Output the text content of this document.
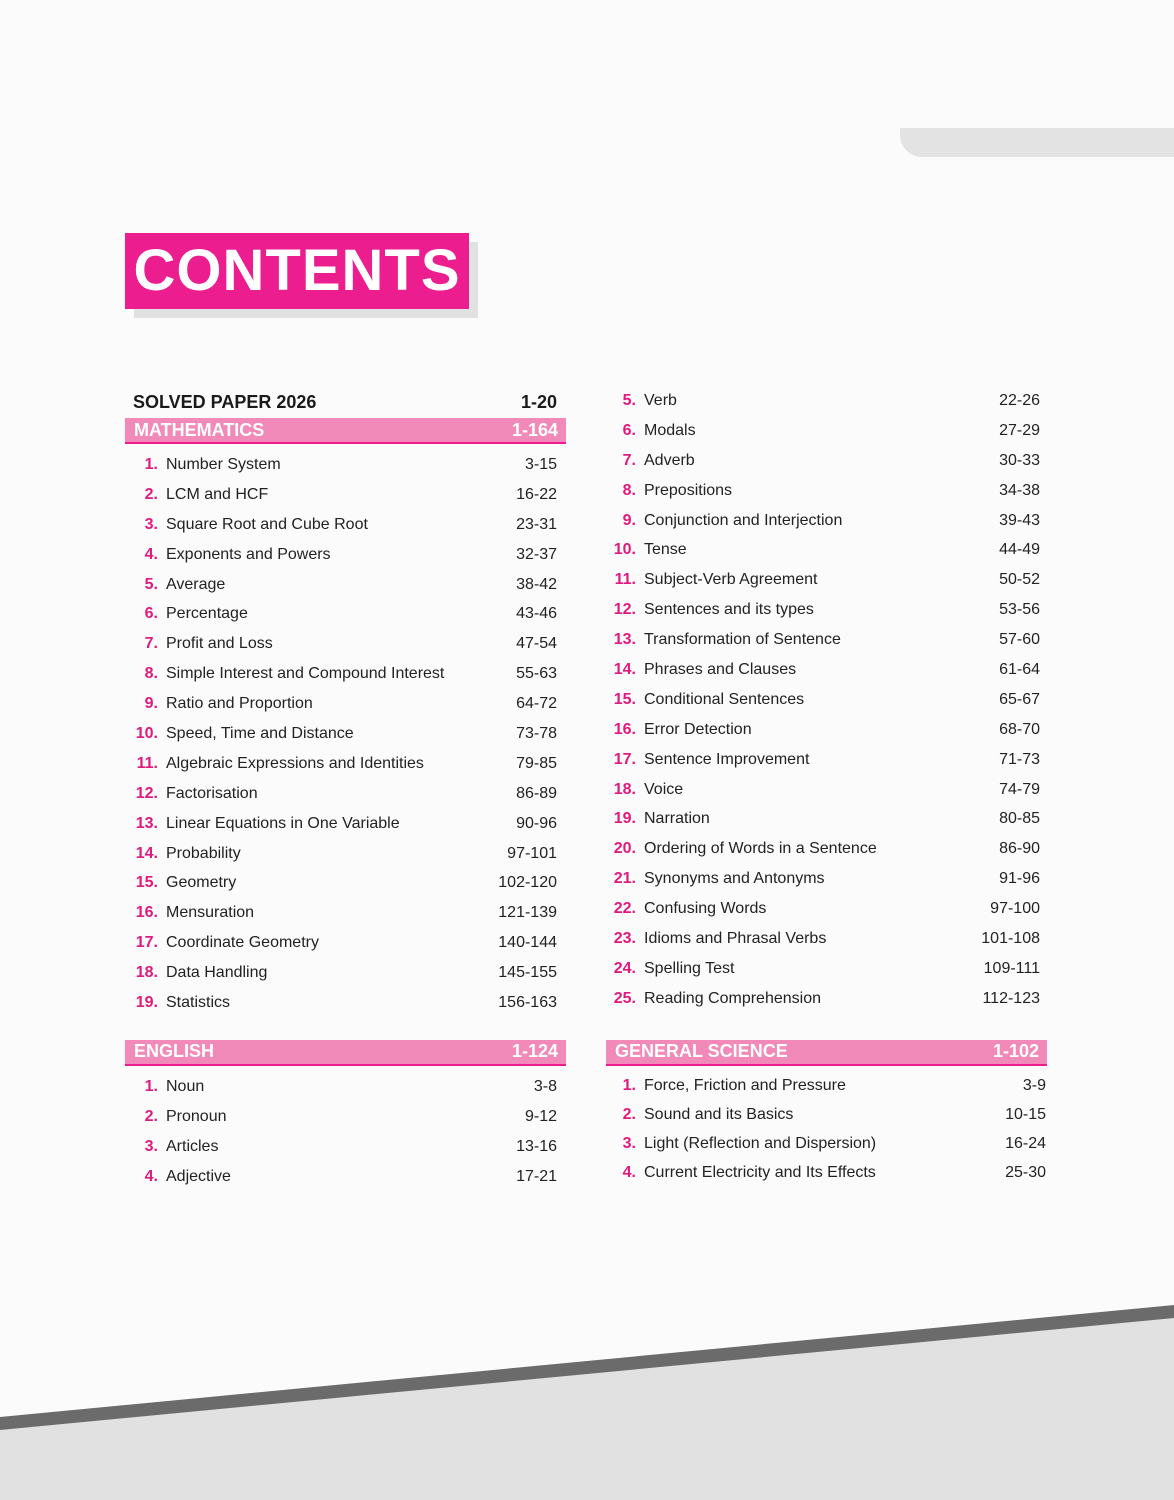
CONTENTS
SOLVED PAPER 2026	1-20
MATHEMATICS	1-164
1. Number System	3-15
2. LCM and HCF	16-22
3. Square Root and Cube Root	23-31
4. Exponents and Powers	32-37
5. Average	38-42
6. Percentage	43-46
7. Profit and Loss	47-54
8. Simple Interest and Compound Interest	55-63
9. Ratio and Proportion	64-72
10. Speed, Time and Distance	73-78
11. Algebraic Expressions and Identities	79-85
12. Factorisation	86-89
13. Linear Equations in One Variable	90-96
14. Probability	97-101
15. Geometry	102-120
16. Mensuration	121-139
17. Coordinate Geometry	140-144
18. Data Handling	145-155
19. Statistics	156-163
ENGLISH	1-124
1. Noun	3-8
2. Pronoun	9-12
3. Articles	13-16
4. Adjective	17-21
5. Verb	22-26
6. Modals	27-29
7. Adverb	30-33
8. Prepositions	34-38
9. Conjunction and Interjection	39-43
10. Tense	44-49
11. Subject-Verb Agreement	50-52
12. Sentences and its types	53-56
13. Transformation of Sentence	57-60
14. Phrases and Clauses	61-64
15. Conditional Sentences	65-67
16. Error Detection	68-70
17. Sentence Improvement	71-73
18. Voice	74-79
19. Narration	80-85
20. Ordering of Words in a Sentence	86-90
21. Synonyms and Antonyms	91-96
22. Confusing Words	97-100
23. Idioms and Phrasal Verbs	101-108
24. Spelling Test	109-111
25. Reading Comprehension	112-123
GENERAL SCIENCE	1-102
1. Force, Friction and Pressure	3-9
2. Sound and its Basics	10-15
3. Light (Reflection and Dispersion)	16-24
4. Current Electricity and Its Effects	25-30
